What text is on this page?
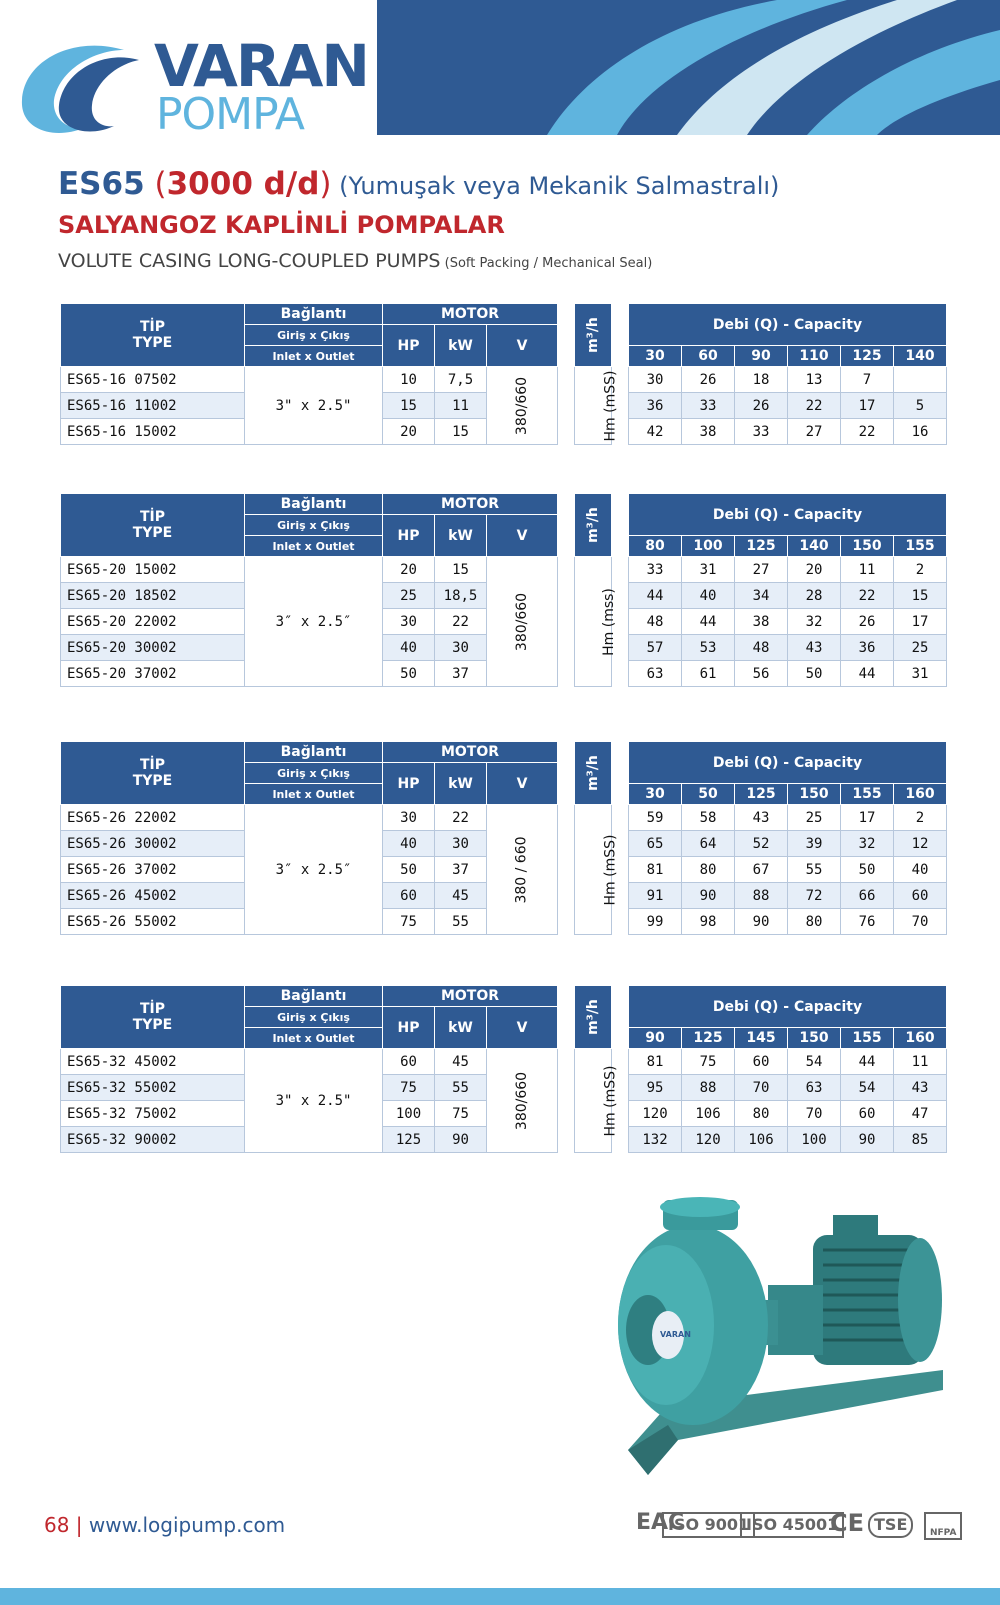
VARAN
POMPA
ES65 (3000 d/d) (Yumuşak veya Mekanik Salmastralı)
SALYANGOZ KAPLİNLİ POMPALAR
VOLUTE CASING LONG-COUPLED PUMPS (Soft Packing / Mechanical Seal)
TİP
TYPE	Bağlantı	MOTOR				m³/h		Debi (Q) - Capacity					
	Giriş x Çıkış	HP	kW	V									
	Inlet x Outlet							30	60	90	110	125	140
ES65-16 07502	3" x 2.5"	10	7,5	380/660		Hm (mSS)		30	26	18	13	7	
ES65-16 11002		15	11					36	33	26	22	17	5
ES65-16 15002		20	15					42	38	33	27	22	16
TİP
TYPE	Bağlantı	MOTOR				m³/h		Debi (Q) - Capacity					
	Giriş x Çıkış	HP	kW	V									
	Inlet x Outlet							80	100	125	140	150	155
ES65-20 15002	3″ x 2.5″	20	15	380/660		Hm (mss)		33	31	27	20	11	2
ES65-20 18502		25	18,5					44	40	34	28	22	15
ES65-20 22002		30	22					48	44	38	32	26	17
ES65-20 30002		40	30					57	53	48	43	36	25
ES65-20 37002		50	37					63	61	56	50	44	31
TİP
TYPE	Bağlantı	MOTOR				m³/h		Debi (Q) - Capacity					
	Giriş x Çıkış	HP	kW	V									
	Inlet x Outlet							30	50	125	150	155	160
ES65-26 22002	3″ x 2.5″	30	22	380 / 660		Hm (mSS)		59	58	43	25	17	2
ES65-26 30002		40	30					65	64	52	39	32	12
ES65-26 37002		50	37					81	80	67	55	50	40
ES65-26 45002		60	45					91	90	88	72	66	60
ES65-26 55002		75	55					99	98	90	80	76	70
TİP
TYPE	Bağlantı	MOTOR				m³/h		Debi (Q) - Capacity					
	Giriş x Çıkış	HP	kW	V									
	Inlet x Outlet							90	125	145	150	155	160
ES65-32 45002	3" x 2.5"	60	45	380/660		Hm (mSS)		81	75	60	54	44	11
ES65-32 55002		75	55					95	88	70	63	54	43
ES65-32 75002		100	75					120	106	80	70	60	47
ES65-32 90002		125	90					132	120	106	100	90	85
VARAN
68 | www.logipump.com	EAC
ISO 9001
ISO 45001
CE TSE	NFPA
